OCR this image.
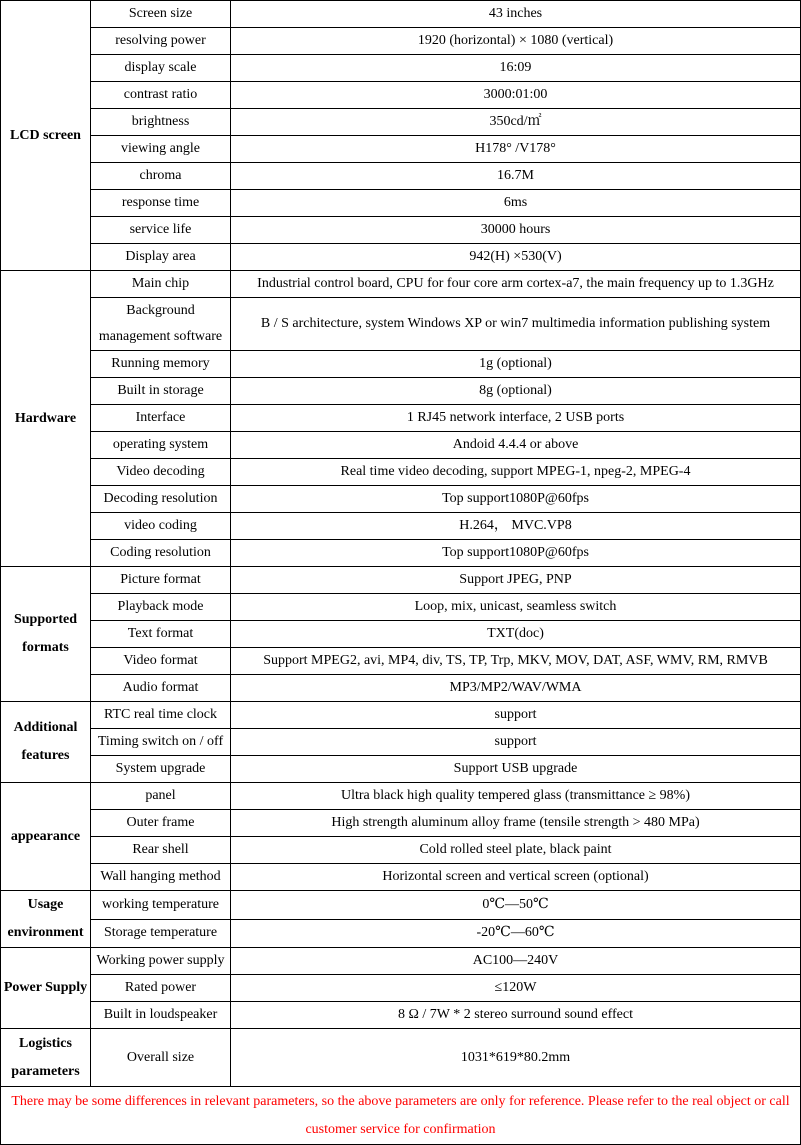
LCD screen	Screen size	43 inches
	resolving power	1920 (horizontal) × 1080 (vertical)
	display scale	16:09
	contrast ratio	3000:01:00
	brightness	350cd/㎡
	viewing angle	H178° /V178°
	chroma	16.7M
	response time	6ms
	service life	30000 hours
	Display area	942(H) ×530(V)
Hardware	Main chip	Industrial control board, CPU for four core arm cortex-a7, the main frequency up to 1.3GHz
	Background management software	B / S architecture, system Windows XP or win7 multimedia information publishing system
	Running memory	1g (optional)
	Built in storage	8g (optional)
	Interface	1 RJ45 network interface, 2 USB ports
	operating system	Andoid 4.4.4 or above
	Video decoding	Real time video decoding, support MPEG-1, npeg-2, MPEG-4
	Decoding resolution	Top support1080P@60fps
	video coding	H.264， MVC.VP8
	Coding resolution	Top support1080P@60fps
Supported formats	Picture format	Support JPEG, PNP
	Playback mode	Loop, mix, unicast, seamless switch
	Text format	TXT(doc)
	Video format	Support MPEG2, avi, MP4, div, TS, TP, Trp, MKV, MOV, DAT, ASF, WMV, RM, RMVB
	Audio format	MP3/MP2/WAV/WMA
Additional features	RTC real time clock	support
	Timing switch on / off	support
	System upgrade	Support USB upgrade
appearance	panel	Ultra black high quality tempered glass (transmittance ≥ 98%)
	Outer frame	High strength aluminum alloy frame (tensile strength > 480 MPa)
	Rear shell	Cold rolled steel plate, black paint
	Wall hanging method	Horizontal screen and vertical screen (optional)
Usage environment	working temperature	0℃—50℃
	Storage temperature	-20℃—60℃
Power Supply	Working power supply	AC100—240V
	Rated power	≤120W
	Built in loudspeaker	8 Ω / 7W * 2 stereo surround sound effect
Logistics parameters	Overall size	1031*619*80.2mm
There may be some differences in relevant parameters, so the above parameters are only for reference. Please refer to the real object or call customer service for confirmation		
